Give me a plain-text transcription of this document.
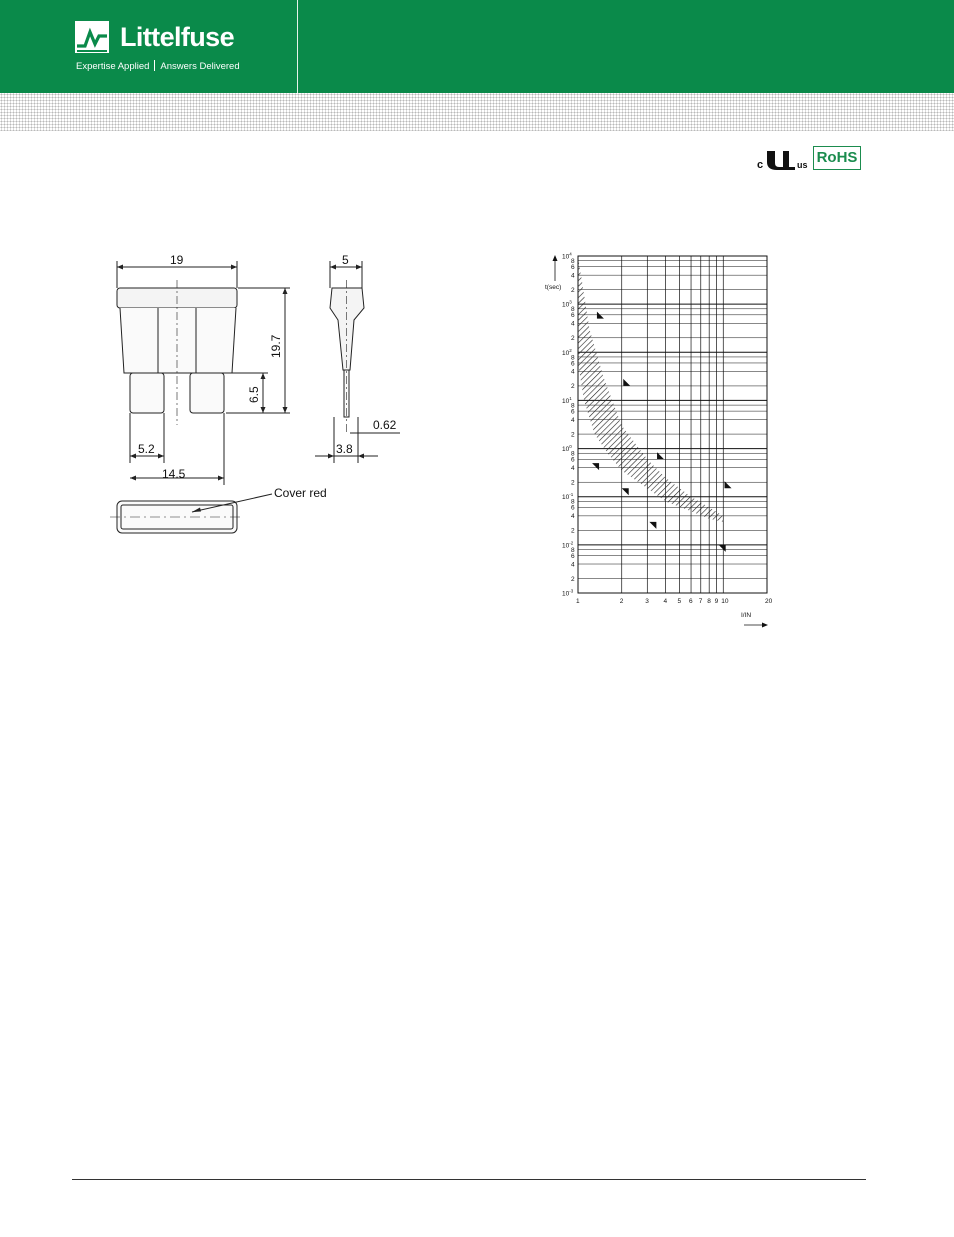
Littelfuse
Expertise Applied Answers Delivered
c	us RoHS
19	5
19.7
6.5
0.62
5.2
14.5
3.8
Cover red
1	2	3 4 5 6 7 8 9 10	20
2
4
6
8
2
4
6
8
2
4
6
8
2
4
6
8
2
4
6
8
2
4
6
8
2
4
6
8
$10^{-3}$
$10^{-2}$
$10^{-1}$
$10^0$
$10^1$
$10^2$
$10^3$
$10^4$
t(sec)
I/IN
